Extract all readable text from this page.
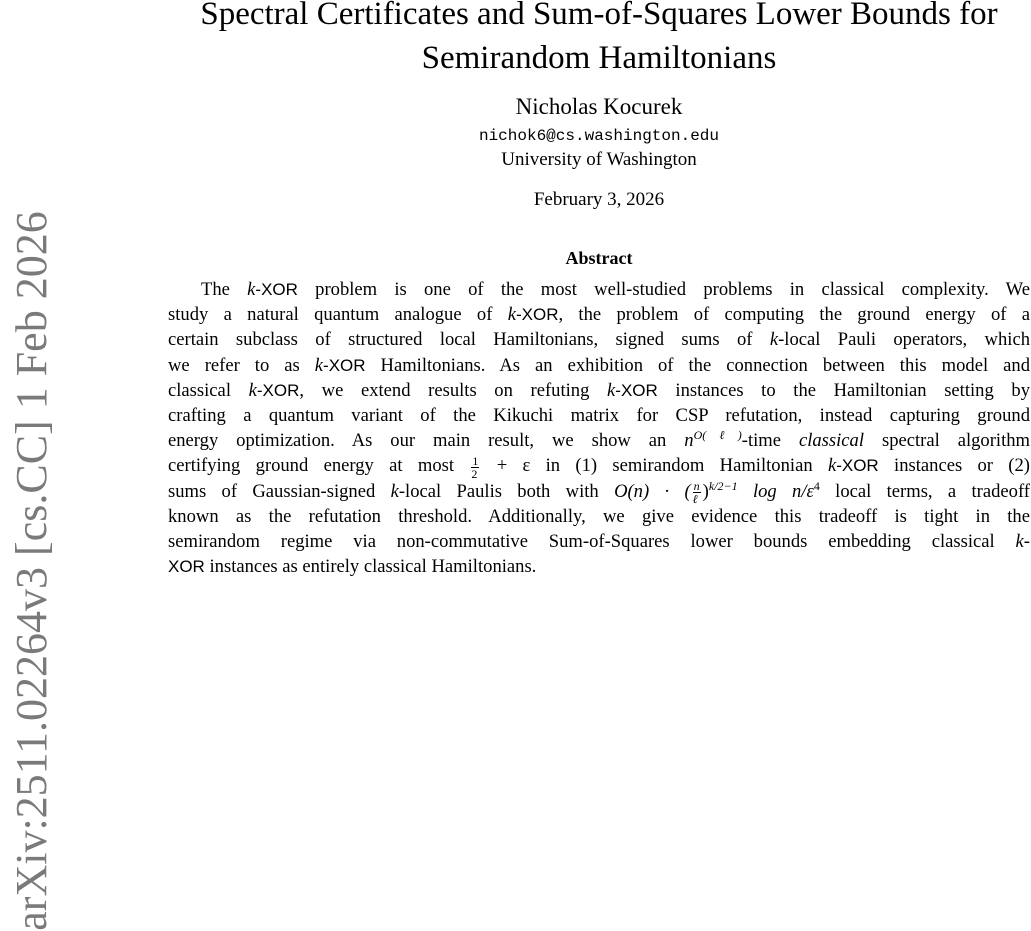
arXiv:2511.02264v3 [cs.CC] 1 Feb 2026
Spectral Certificates and Sum-of-Squares Lower Bounds for
Semirandom Hamiltonians
Nicholas Kocurek
nichok6@cs.washington.edu
University of Washington
February 3, 2026
Abstract
The k-XOR problem is one of the most well-studied problems in classical complexity. We
study a natural quantum analogue of k-XOR, the problem of computing the ground energy of a
certain subclass of structured local Hamiltonians, signed sums of k-local Pauli operators, which
we refer to as k-XOR Hamiltonians. As an exhibition of the connection between this model and
classical k-XOR, we extend results on refuting k-XOR instances to the Hamiltonian setting by
crafting a quantum variant of the Kikuchi matrix for CSP refutation, instead capturing ground
energy optimization. As our main result, we show an $n^{O(\ell)}$-time classical spectral algorithm
certifying ground energy at most $\frac{1}{2} + \varepsilon$ in (1) semirandom Hamiltonian k-XOR instances or (2)
sums of Gaussian-signed k-local Paulis both with O(n) · ( $\frac{n}{\text{ℓ}} )^{k/2-1}$ $\log n/\varepsilon^4$ local terms, a tradeoff
known as the refutation threshold. Additionally, we give evidence this tradeoff is tight in the
semirandom regime via non-commutative Sum-of-Squares lower bounds embedding classical k-
XOR instances as entirely classical Hamiltonians.
